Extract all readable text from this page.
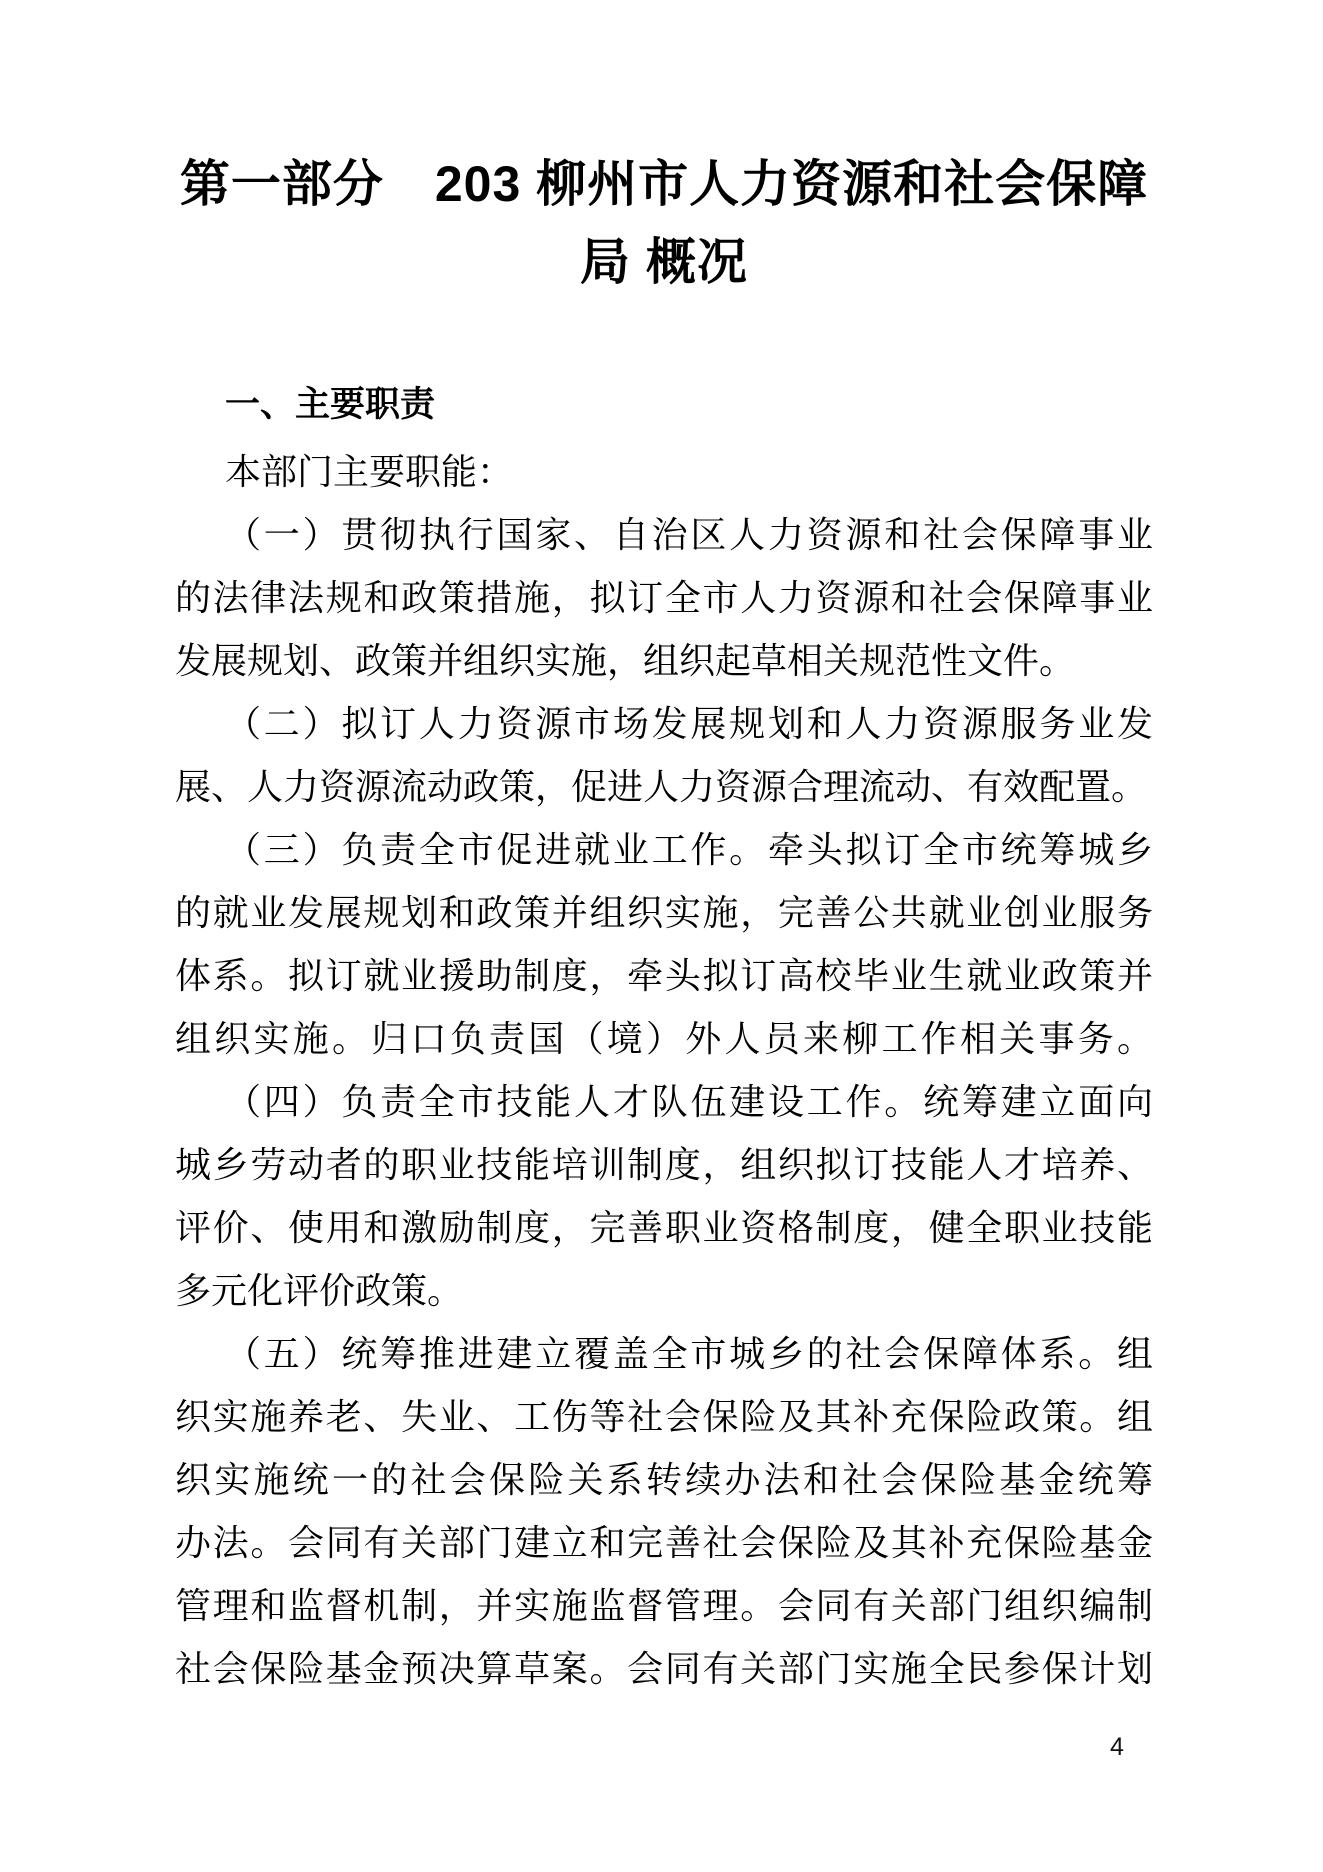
第一部分　203 柳州市人力资源和社会保障
局 概况
一、主要职责
本部门主要职能：
（一）贯彻执行国家、自治区人力资源和社会保障事业
的法律法规和政策措施，拟订全市人力资源和社会保障事业
发展规划、政策并组织实施，组织起草相关规范性文件。
（二）拟订人力资源市场发展规划和人力资源服务业发
展、人力资源流动政策，促进人力资源合理流动、有效配置。
（三）负责全市促进就业工作。牵头拟订全市统筹城乡
的就业发展规划和政策并组织实施，完善公共就业创业服务
体系。拟订就业援助制度，牵头拟订高校毕业生就业政策并
组织实施。归口负责国（境）外人员来柳工作相关事务。
（四）负责全市技能人才队伍建设工作。统筹建立面向
城乡劳动者的职业技能培训制度，组织拟订技能人才培养、
评价、使用和激励制度，完善职业资格制度，健全职业技能
多元化评价政策。
（五）统筹推进建立覆盖全市城乡的社会保障体系。组
织实施养老、失业、工伤等社会保险及其补充保险政策。组
织实施统一的社会保险关系转续办法和社会保险基金统筹
办法。会同有关部门建立和完善社会保险及其补充保险基金
管理和监督机制，并实施监督管理。会同有关部门组织编制
社会保险基金预决算草案。会同有关部门实施全民参保计划
4
